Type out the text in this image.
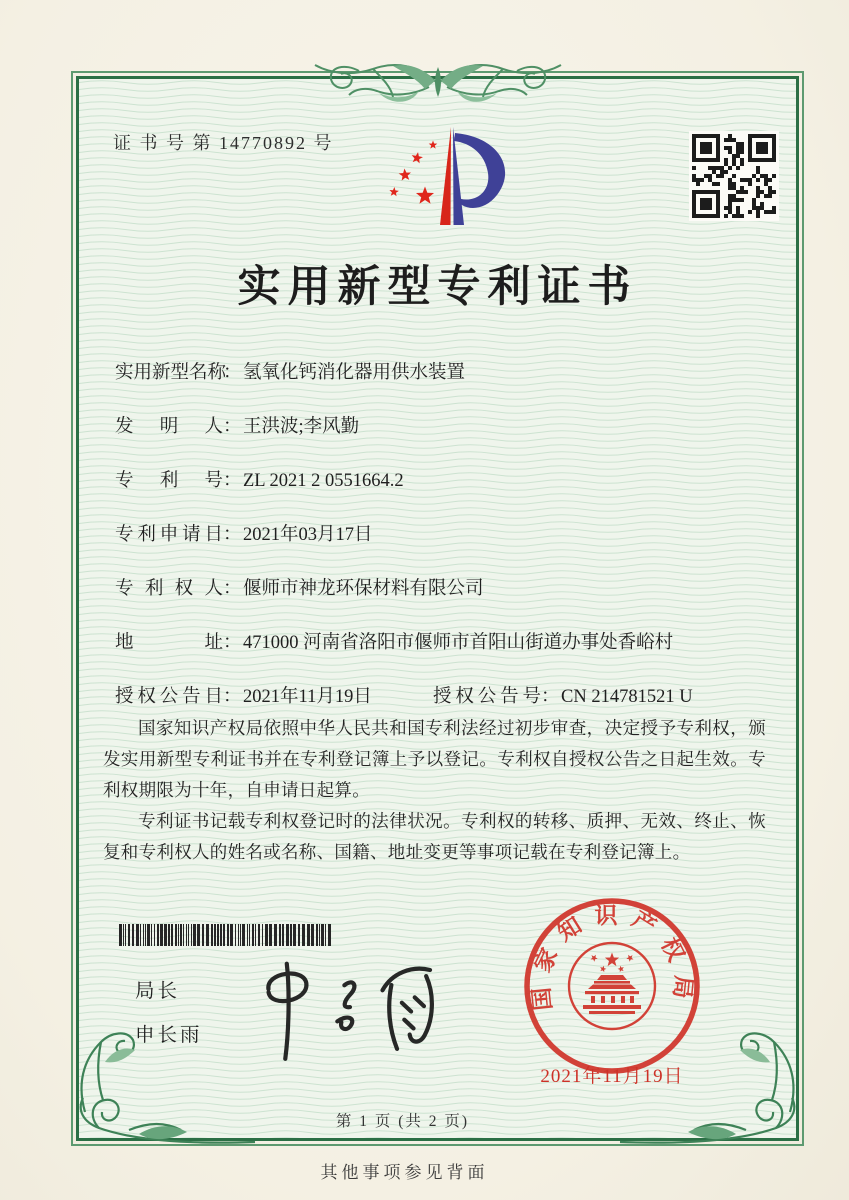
证 书 号 第 14770892 号
实用新型专利证书
实用新型名称：氢氧化钙消化器用供水装置
发明人：王洪波;李风勤
专利号：ZL 2021 2 0551664.2
专利申请日：2021年03月17日
专利权人：偃师市神龙环保材料有限公司
地址：471000 河南省洛阳市偃师市首阳山街道办事处香峪村
授权公告日：2021年11月19日	授权公告号：CN 214781521 U

国家知识产权局依照中华人民共和国专利法经过初步审查，决定授予专利权，颁发实用新型专利证书并在专利登记簿上予以登记。专利权自授权公告之日起生效。专利权期限为十年，自申请日起算。

专利证书记载专利权登记时的法律状况。专利权的转移、质押、无效、终止、恢复和专利权人的姓名或名称、国籍、地址变更等事项记载在专利登记簿上。

局长
申长雨
国家知识产权局
2021年11月19日
第 1 页 (共 2 页)
其他事项参见背面
